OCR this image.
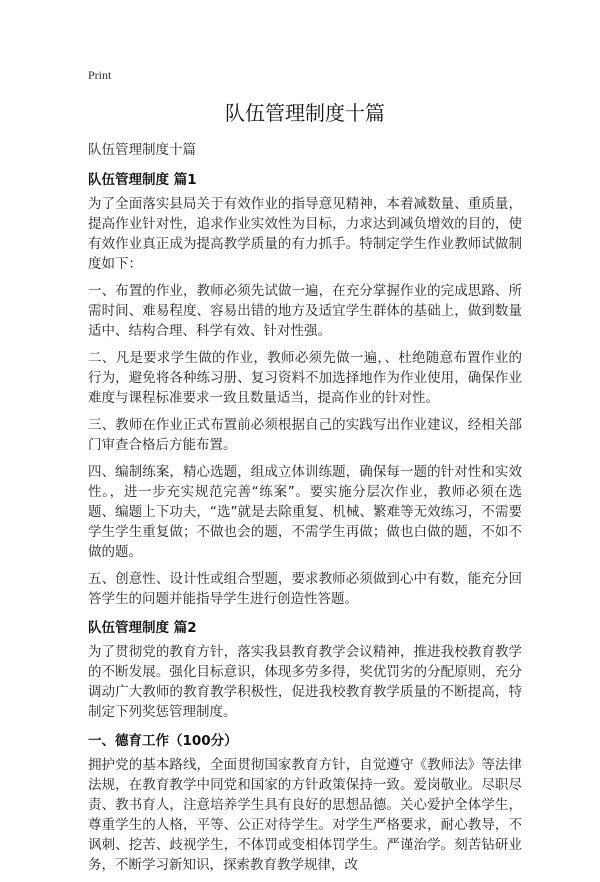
Print
队伍管理制度十篇
队伍管理制度十篇
队伍管理制度 篇1

为了全面落实县局关于有效作业的指导意见精神，本着减数量、重质量，提高作业针对性，追求作业实效性为目标，力求达到减负增效的目的，使有效作业真正成为提高教学质量的有力抓手。特制定学生作业教师试做制度如下：

一、布置的作业，教师必须先试做一遍，在充分掌握作业的完成思路、所需时间、难易程度、容易出错的地方及适宜学生群体的基础上，做到数量适中、结构合理、科学有效、针对性强。

二、凡是要求学生做的作业，教师必须先做一遍，、杜绝随意布置作业的行为，避免将各种练习册、复习资料不加选择地作为作业使用，确保作业难度与课程标准要求一致且数量适当，提高作业的针对性。

三、教师在作业正式布置前必须根据自己的实践写出作业建议，经相关部门审查合格后方能布置。

四、编制练案，精心选题，组成立体训练题，确保每一题的针对性和实效性。，进一步充实规范完善“练案”。要实施分层次作业，教师必须在选题、编题上下功夫，“选”就是去除重复、机械、繁难等无效练习，不需要学生学生重复做；不做也会的题，不需学生再做；做也白做的题，不如不做的题。

五、创意性、设计性或组合型题，要求教师必须做到心中有数，能充分回答学生的问题并能指导学生进行创造性答题。

队伍管理制度 篇2

为了贯彻党的教育方针，落实我县教育教学会议精神，推进我校教育教学的不断发展。强化目标意识，体现多劳多得，奖优罚劣的分配原则，充分调动广大教师的教育教学积极性，促进我校教育教学质量的不断提高，特制定下列奖惩管理制度。

一、德育工作（100分）

拥护党的基本路线，全面贯彻国家教育方针，自觉遵守《教师法》等法律法规，在教育教学中同党和国家的方针政策保持一致。爱岗敬业。尽职尽责、教书育人，注意培养学生具有良好的思想品德。关心爱护全体学生，尊重学生的人格，平等、公正对待学生。对学生严格要求，耐心教导，不讽刺、挖苦、歧视学生，不体罚或变相体罚学生。严谨治学。刻苦钻研业务，不断学习新知识，探索教育教学规律，改
